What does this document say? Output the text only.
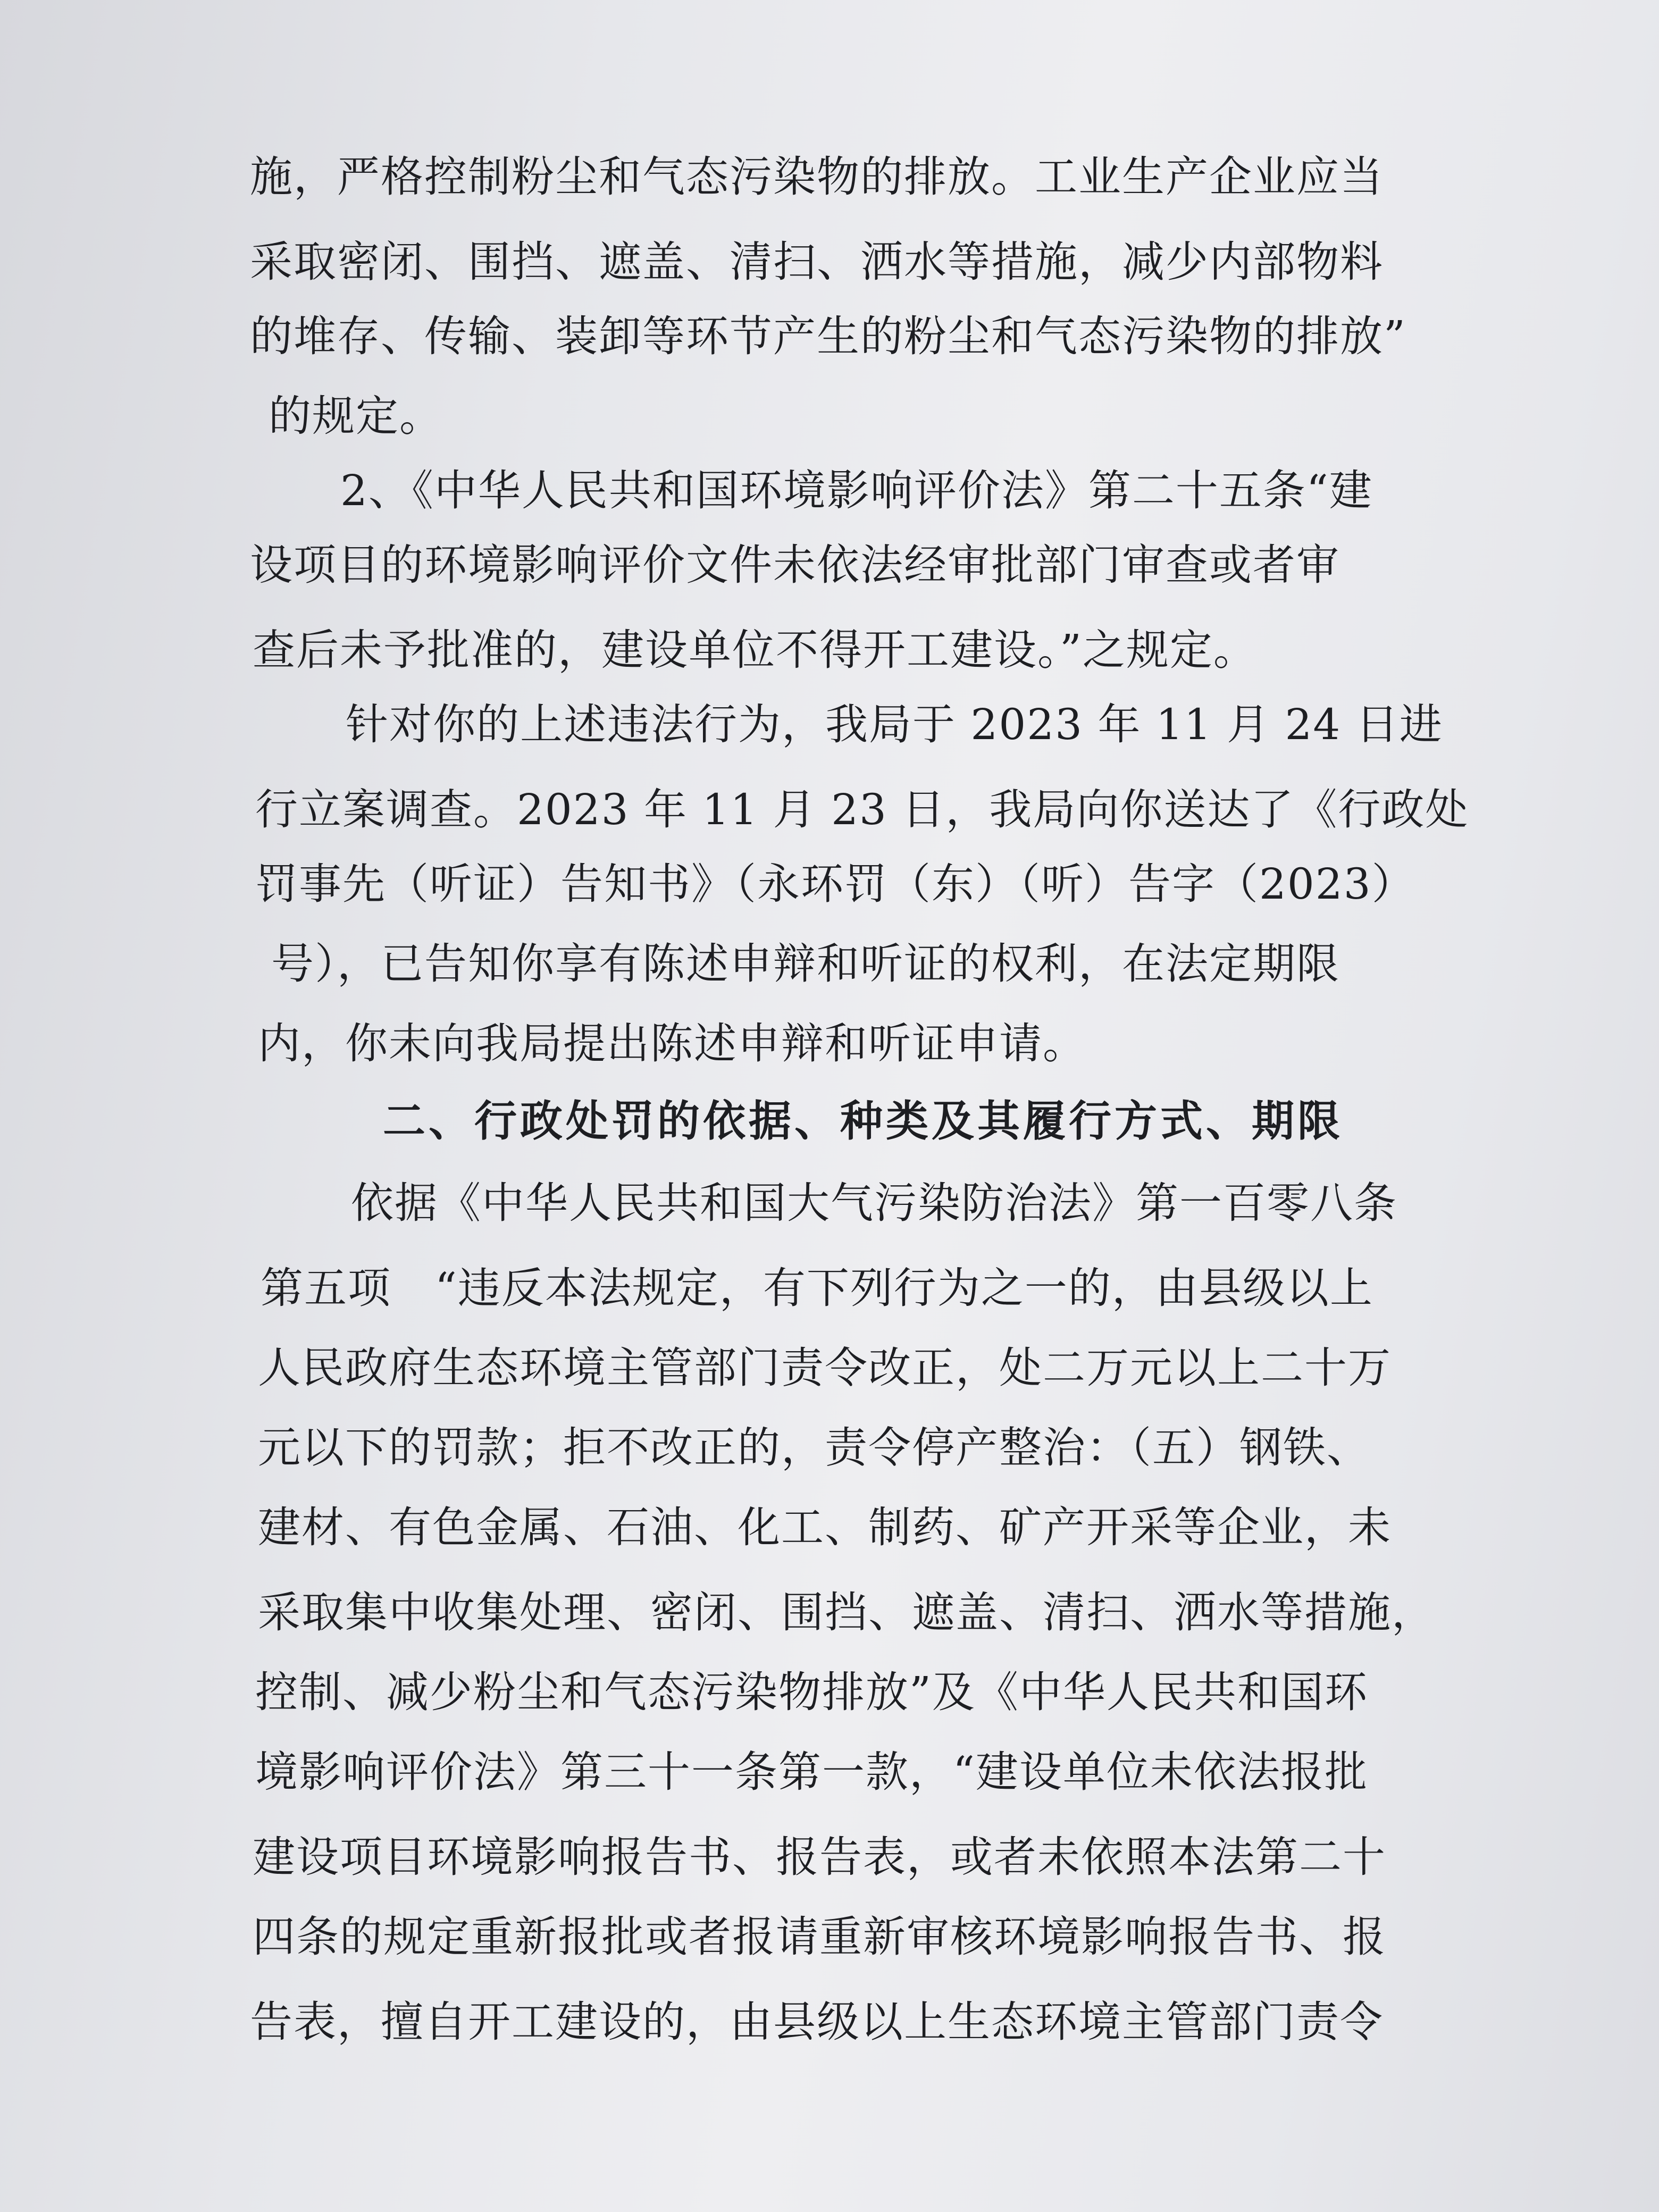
施，严格控制粉尘和气态污染物的排放。工业生产企业应当
采取密闭、围挡、遮盖、清扫、洒水等措施，减少内部物料
的堆存、传输、装卸等环节产生的粉尘和气态污染物的排放”
的规定。
2、《中华人民共和国环境影响评价法》第二十五条“建
设项目的环境影响评价文件未依法经审批部门审查或者审
查后未予批准的，建设单位不得开工建设。”之规定。
针对你的上述违法行为，我局于 2023 年 11 月 24 日进
行立案调查。2023 年 11 月 23 日，我局向你送达了《行政处
罚事先（听证）告知书》（永环罚（东）（听）告字（2023）
号），已告知你享有陈述申辩和听证的权利，在法定期限
内，你未向我局提出陈述申辩和听证申请。
二、行政处罚的依据、种类及其履行方式、期限
依据《中华人民共和国大气污染防治法》第一百零八条
第五项　“违反本法规定，有下列行为之一的，由县级以上
人民政府生态环境主管部门责令改正，处二万元以上二十万
元以下的罚款；拒不改正的，责令停产整治：（五）钢铁、
建材、有色金属、石油、化工、制药、矿产开采等企业，未
采取集中收集处理、密闭、围挡、遮盖、清扫、洒水等措施，
控制、减少粉尘和气态污染物排放”及《中华人民共和国环
境影响评价法》第三十一条第一款，“建设单位未依法报批
建设项目环境影响报告书、报告表，或者未依照本法第二十
四条的规定重新报批或者报请重新审核环境影响报告书、报
告表，擅自开工建设的，由县级以上生态环境主管部门责令
